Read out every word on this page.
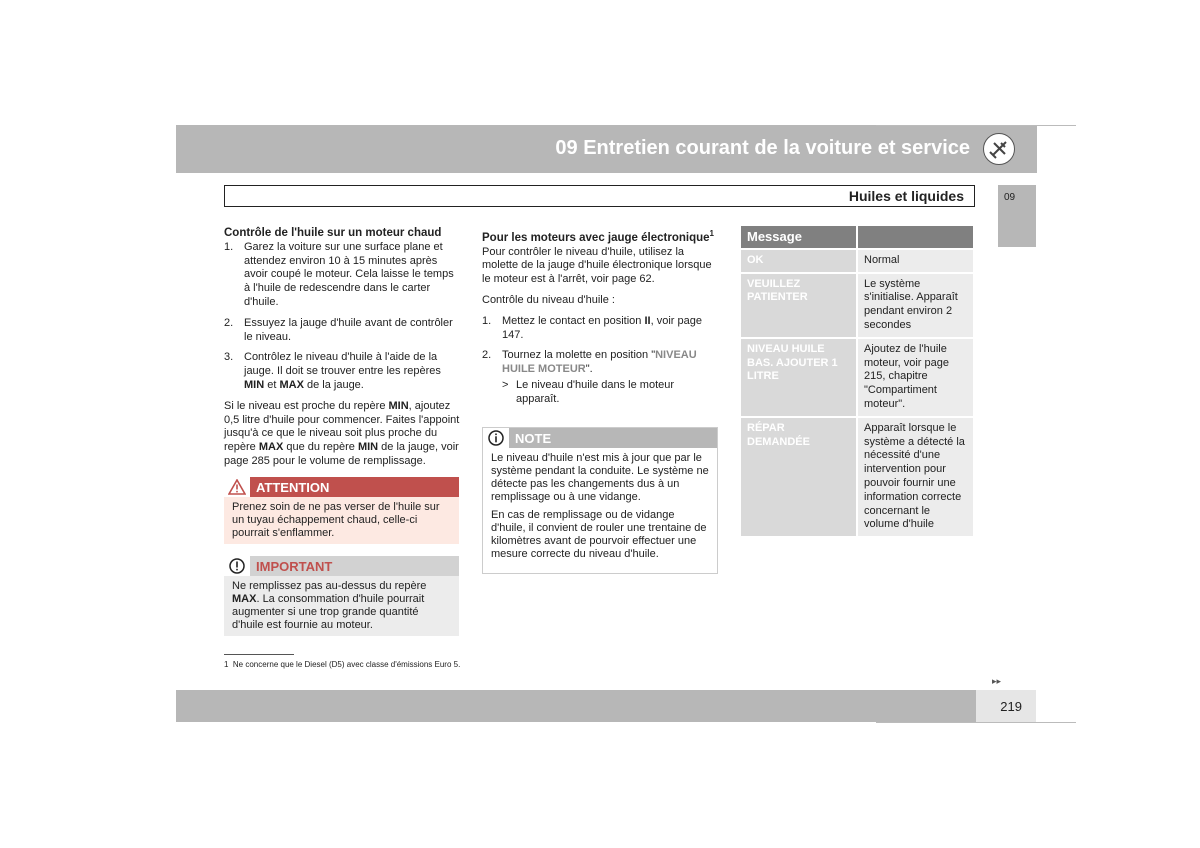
09 Entretien courant de la voiture et service
Huiles et liquides	09
Contrôle de l'huile sur un moteur chaud
1. Garez la voiture sur une surface plane et attendez environ 10 à 15 minutes après avoir coupé le moteur. Cela laisse le temps à l'huile de redescendre dans le carter d'huile.
2. Essuyez la jauge d'huile avant de contrôler le niveau.
3. Contrôlez le niveau d'huile à l'aide de la jauge. Il doit se trouver entre les repères MIN et MAX de la jauge.

Si le niveau est proche du repère MIN, ajoutez 0,5 litre d'huile pour commencer. Faites l'appoint jusqu'à ce que le niveau soit plus proche du repère MAX que du repère MIN de la jauge, voir page 285 pour le volume de remplissage.

ATTENTION
Prenez soin de ne pas verser de l'huile sur un tuyau échappement chaud, celle-ci pourrait s'enflammer.
IMPORTANT
Ne remplissez pas au-dessus du repère MAX. La consommation d'huile pourrait augmenter si une trop grande quantité d'huile est fournie au moteur.
Pour les moteurs avec jauge électronique$^1$

Pour contrôler le niveau d'huile, utilisez la molette de la jauge d'huile électronique lorsque le moteur est à l'arrêt, voir page 62.

Contrôle du niveau d'huile :

1. Mettez le contact en position II, voir page 147.
2. Tournez la molette en position "NIVEAU HUILE MOTEUR".
> Le niveau d'huile dans le moteur apparaît.
NOTE

Le niveau d'huile n'est mis à jour que par le système pendant la conduite. Le système ne détecte pas les changements dus à un remplissage ou à une vidange.

En cas de remplissage ou de vidange d'huile, il convient de rouler une trentaine de kilomètres avant de pourvoir effectuer une mesure correcte du niveau d'huile.

Message	
OK	Normal
VEUILLEZ PATIENTER	Le système s'initialise. Apparaît pendant environ 2 secondes
NIVEAU HUILE BAS. AJOUTER 1 LITRE	Ajoutez de l'huile moteur, voir page 215, chapitre "Compartiment moteur".
RÉPAR DEMANDÉE	Apparaît lorsque le système a détecté la nécessité d'une intervention pour pouvoir fournir une information correcte concernant le volume d'huile
1 Ne concerne que le Diesel (D5) avec classe d'émissions Euro 5.
▸▸
219
